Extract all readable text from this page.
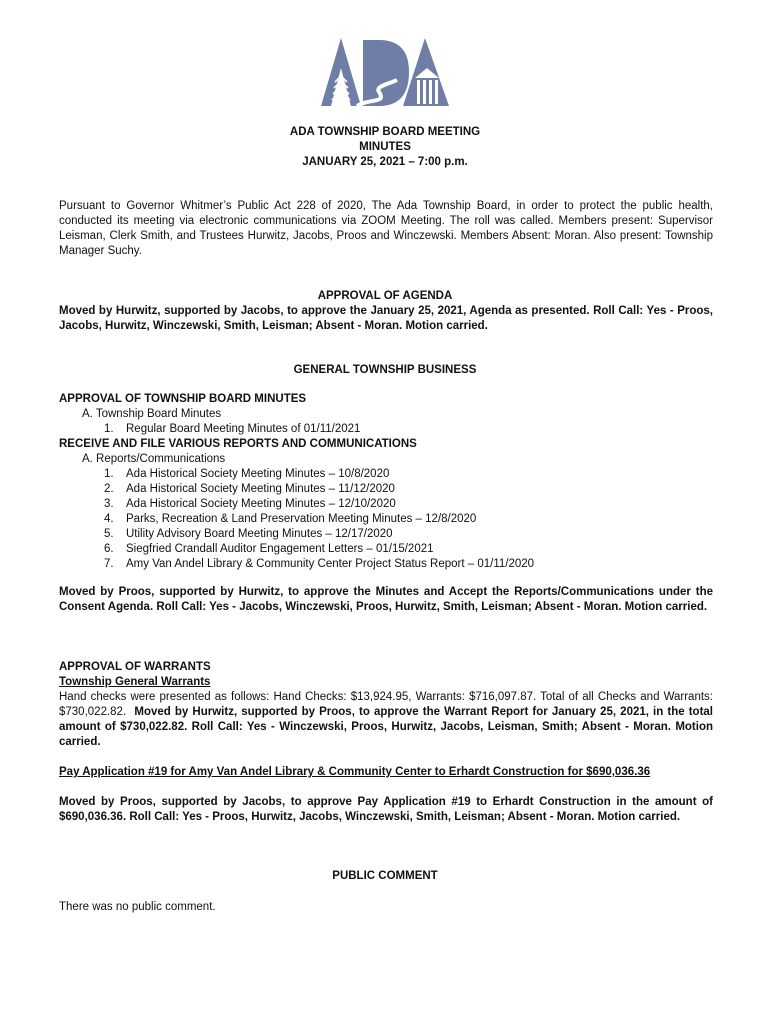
ADA TOWNSHIP BOARD MEETING
MINUTES
JANUARY 25, 2021 – 7:00 p.m.

Pursuant to Governor Whitmer’s Public Act 228 of 2020, The Ada Township Board, in order to protect the public health, conducted its meeting via electronic communications via ZOOM Meeting. The roll was called. Members present: Supervisor Leisman, Clerk Smith, and Trustees Hurwitz, Jacobs, Proos and Winczewski. Members Absent: Moran. Also present: Township Manager Suchy.

APPROVAL OF AGENDA

Moved by Hurwitz, supported by Jacobs, to approve the January 25, 2021, Agenda as presented. Roll Call: Yes - Proos, Jacobs, Hurwitz, Winczewski, Smith, Leisman; Absent - Moran. Motion carried.

GENERAL TOWNSHIP BUSINESS
APPROVAL OF TOWNSHIP BOARD MINUTES
A. Township Board Minutes
1. Regular Board Meeting Minutes of 01/11/2021
RECEIVE AND FILE VARIOUS REPORTS AND COMMUNICATIONS
A. Reports/Communications
1. Ada Historical Society Meeting Minutes – 10/8/2020
2. Ada Historical Society Meeting Minutes – 11/12/2020
3. Ada Historical Society Meeting Minutes – 12/10/2020
4. Parks, Recreation & Land Preservation Meeting Minutes – 12/8/2020
5. Utility Advisory Board Meeting Minutes – 12/17/2020
6. Siegfried Crandall Auditor Engagement Letters – 01/15/2021
7. Amy Van Andel Library & Community Center Project Status Report – 01/11/2020

Moved by Proos, supported by Hurwitz, to approve the Minutes and Accept the Reports/Communications under the Consent Agenda. Roll Call: Yes - Jacobs, Winczewski, Proos, Hurwitz, Smith, Leisman; Absent - Moran. Motion carried.

APPROVAL OF WARRANTS
Township General Warrants

Hand checks were presented as follows: Hand Checks: $13,924.95, Warrants: $716,097.87. Total of all Checks and Warrants: $730,022.82. Moved by Hurwitz, supported by Proos, to approve the Warrant Report for January 25, 2021, in the total amount of $730,022.82. Roll Call: Yes - Winczewski, Proos, Hurwitz, Jacobs, Leisman, Smith; Absent - Moran. Motion carried.

Pay Application #19 for Amy Van Andel Library & Community Center to Erhardt Construction for $690,036.36

Moved by Proos, supported by Jacobs, to approve Pay Application #19 to Erhardt Construction in the amount of $690,036.36. Roll Call: Yes - Proos, Hurwitz, Jacobs, Winczewski, Smith, Leisman; Absent - Moran. Motion carried.

PUBLIC COMMENT

There was no public comment.
